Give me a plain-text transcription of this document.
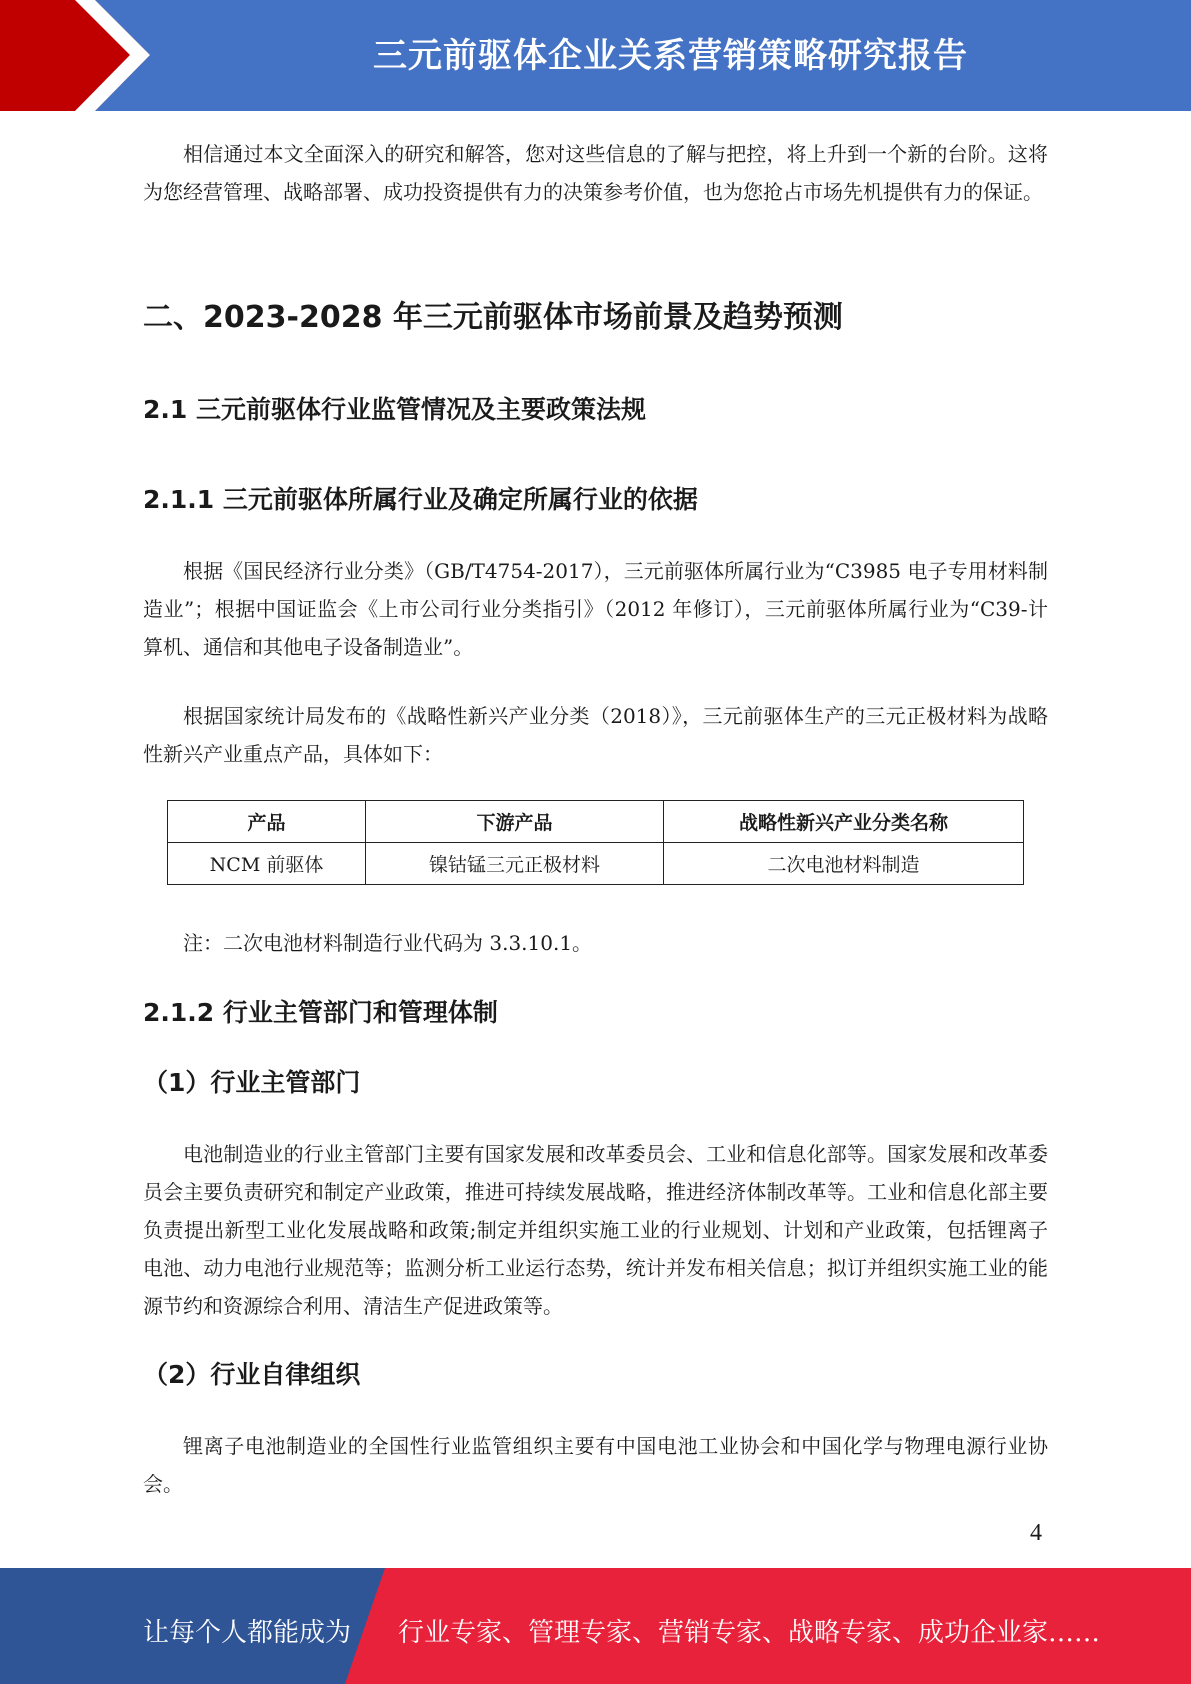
三元前驱体企业关系营销策略研究报告

相信通过本文全面深入的研究和解答，您对这些信息的了解与把控，将上升到一个新的台阶。这将为您经营管理、战略部署、成功投资提供有力的决策参考价值，也为您抢占市场先机提供有力的保证。

二、2023-2028 年三元前驱体市场前景及趋势预测
2.1 三元前驱体行业监管情况及主要政策法规
2.1.1 三元前驱体所属行业及确定所属行业的依据

根据《国民经济行业分类》（GB/T4754-2017），三元前驱体所属行业为“C3985 电子专用材料制造业”；根据中国证监会《上市公司行业分类指引》（2012 年修订），三元前驱体所属行业为“C39-计算机、通信和其他电子设备制造业”。

根据国家统计局发布的《战略性新兴产业分类（2018）》，三元前驱体生产的三元正极材料为战略性新兴产业重点产品，具体如下：

产品	下游产品	战略性新兴产业分类名称
NCM 前驱体	镍钴锰三元正极材料	二次电池材料制造

注：二次电池材料制造行业代码为 3.3.10.1。

2.1.2 行业主管部门和管理体制
（1）行业主管部门

电池制造业的行业主管部门主要有国家发展和改革委员会、工业和信息化部等。国家发展和改革委员会主要负责研究和制定产业政策，推进可持续发展战略，推进经济体制改革等。工业和信息化部主要负责提出新型工业化发展战略和政策;制定并组织实施工业的行业规划、计划和产业政策，包括锂离子电池、动力电池行业规范等；监测分析工业运行态势，统计并发布相关信息；拟订并组织实施工业的能源节约和资源综合利用、清洁生产促进政策等。

（2）行业自律组织

锂离子电池制造业的全国性行业监管组织主要有中国电池工业协会和中国化学与物理电源行业协会。

4
让每个人都能成为 行业专家、管理专家、营销专家、战略专家、成功企业家……
